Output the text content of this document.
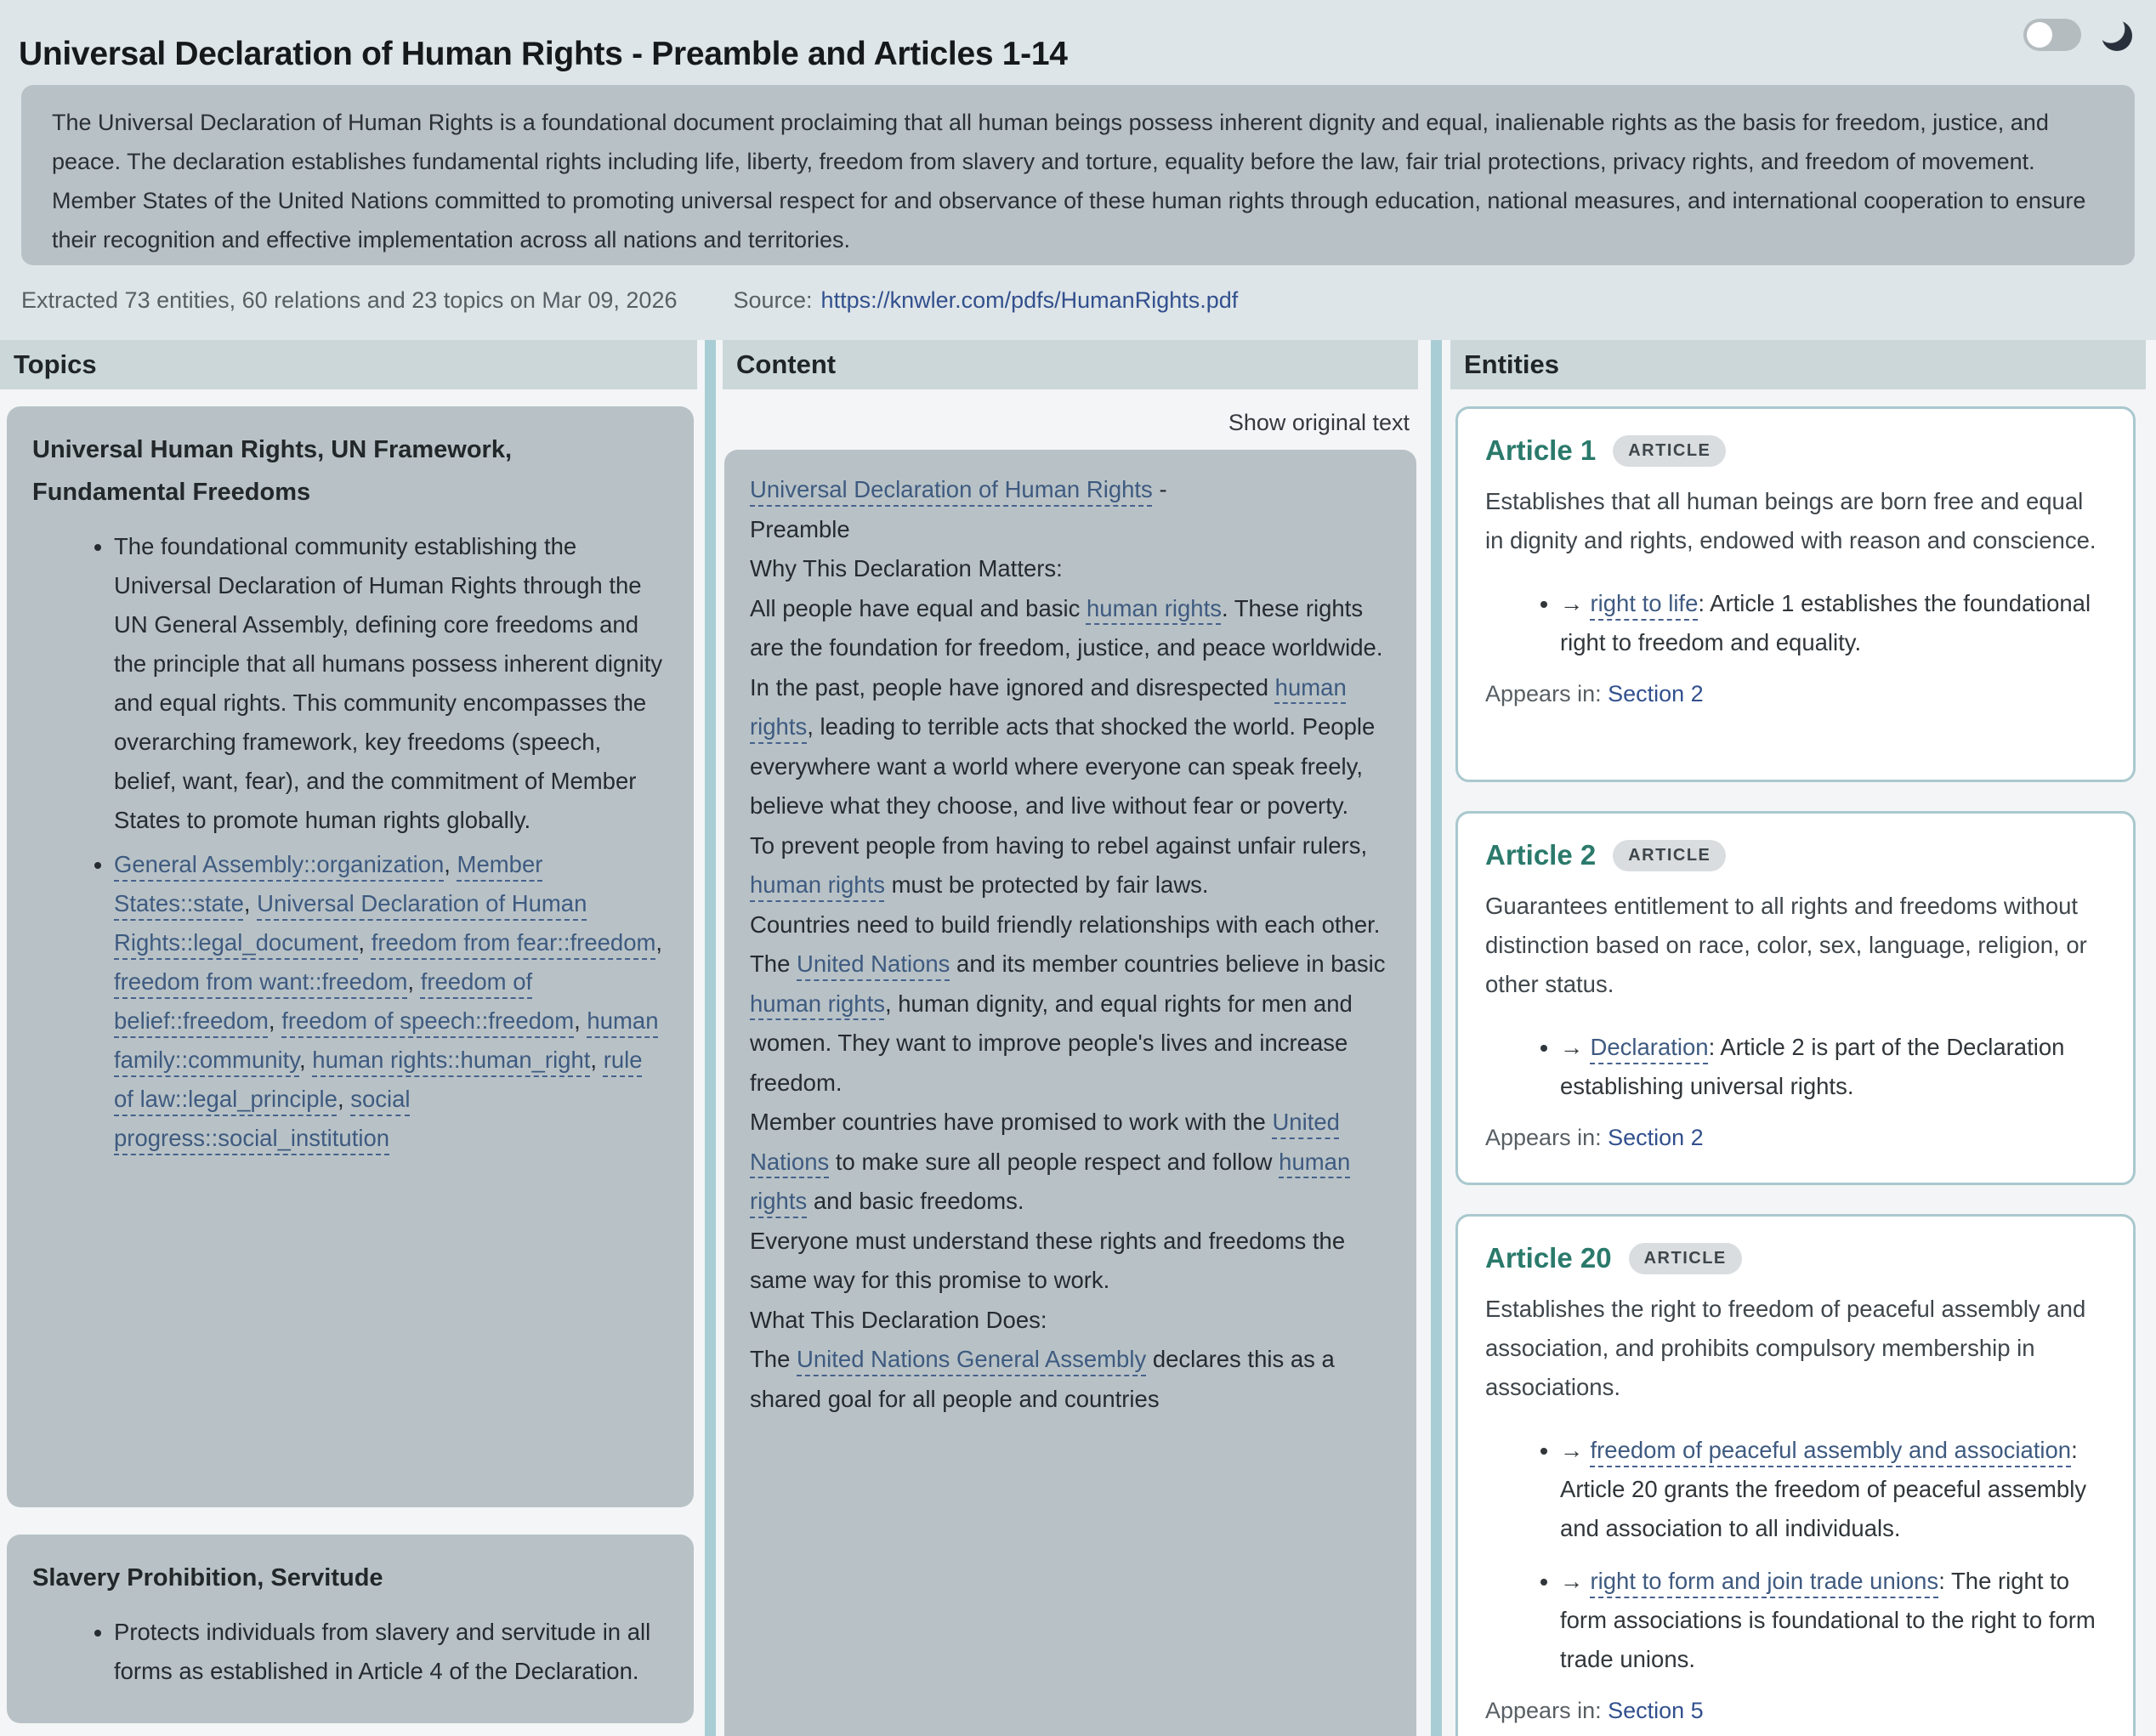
Universal Declaration of Human Rights - Preamble and Articles 1-14
The Universal Declaration of Human Rights is a foundational document proclaiming that all human beings possess inherent dignity and equal, inalienable rights as the basis for freedom, justice, and peace. The declaration establishes fundamental rights including life, liberty, freedom from slavery and torture, equality before the law, fair trial protections, privacy rights, and freedom of movement. Member States of the United Nations committed to promoting universal respect for and observance of these human rights through education, national measures, and international cooperation to ensure their recognition and effective implementation across all nations and territories.
Extracted 73 entities, 60 relations and 23 topics on Mar 09, 2026 Source: https://knwler.com/pdfs/HumanRights.pdf
Topics
Universal Human Rights, UN Framework, Fundamental Freedoms
• The foundational community establishing the Universal Declaration of Human Rights through the UN General Assembly, defining core freedoms and the principle that all humans possess inherent dignity and equal rights. This community encompasses the overarching framework, key freedoms (speech, belief, want, fear), and the commitment of Member States to promote human rights globally.
• General Assembly::organization, Member States::state, Universal Declaration of Human Rights::legal_document, freedom from fear::freedom, freedom from want::freedom, freedom of belief::freedom, freedom of speech::freedom, human family::community, human rights::human_right, rule of law::legal_principle, social progress::social_institution
Slavery Prohibition, Servitude
• Protects individuals from slavery and servitude in all forms as established in Article 4 of the Declaration.
Content
Show original text
Universal Declaration of Human Rights -
Preamble
Why This Declaration Matters:
All people have equal and basic human rights. These rights are the foundation for freedom, justice, and peace worldwide.
In the past, people have ignored and disrespected human rights, leading to terrible acts that shocked the world. People everywhere want a world where everyone can speak freely, believe what they choose, and live without fear or poverty.
To prevent people from having to rebel against unfair rulers, human rights must be protected by fair laws.
Countries need to build friendly relationships with each other.
The United Nations and its member countries believe in basic human rights, human dignity, and equal rights for men and women. They want to improve people's lives and increase freedom.
Member countries have promised to work with the United Nations to make sure all people respect and follow human rights and basic freedoms.
Everyone must understand these rights and freedoms the same way for this promise to work.
What This Declaration Does:
The United Nations General Assembly declares this as a shared goal for all people and countries
Entities
Article 1	ARTICLE
Establishes that all human beings are born free and equal in dignity and rights, endowed with reason and conscience.
• → right to life: Article 1 establishes the foundational right to freedom and equality.
Appears in: Section 2
Article 2	ARTICLE
Guarantees entitlement to all rights and freedoms without distinction based on race, color, sex, language, religion, or other status.
• → Declaration: Article 2 is part of the Declaration establishing universal rights.
Appears in: Section 2
Article 20	ARTICLE
Establishes the right to freedom of peaceful assembly and association, and prohibits compulsory membership in associations.
• → freedom of peaceful assembly and association: Article 20 grants the freedom of peaceful assembly and association to all individuals.
• → right to form and join trade unions: The right to form associations is foundational to the right to form trade unions.
Appears in: Section 5
